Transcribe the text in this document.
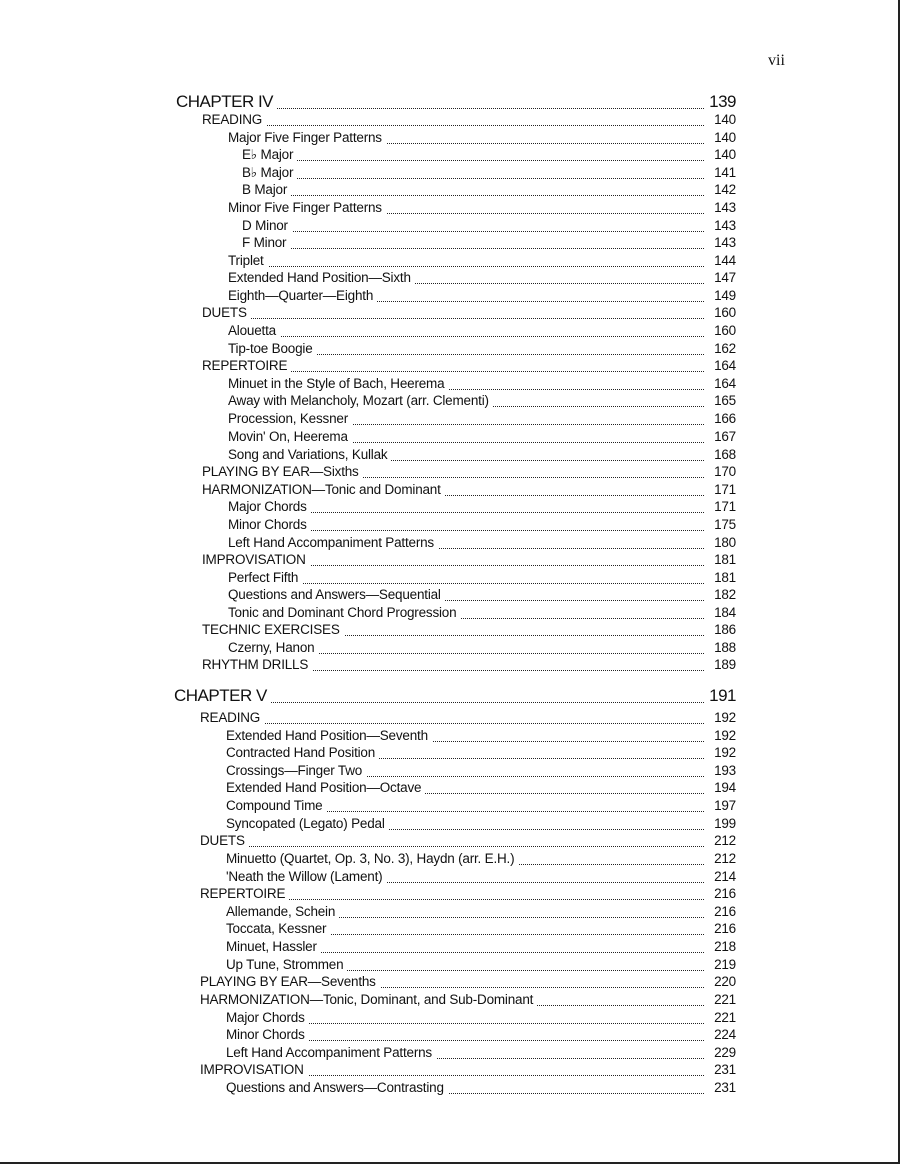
vii
CHAPTER IV	139
READING	140
Major Five Finger Patterns	140
E♭ Major	140
B♭ Major	141
B Major	142
Minor Five Finger Patterns	143
D Minor	143
F Minor	143
Triplet	144
Extended Hand Position—Sixth	147
Eighth—Quarter—Eighth	149
DUETS	160
Alouetta	160
Tip-toe Boogie	162
REPERTOIRE	164
Minuet in the Style of Bach, Heerema	164
Away with Melancholy, Mozart (arr. Clementi)	165
Procession, Kessner	166
Movin' On, Heerema	167
Song and Variations, Kullak	168
PLAYING BY EAR—Sixths	170
HARMONIZATION—Tonic and Dominant	171
Major Chords	171
Minor Chords	175
Left Hand Accompaniment Patterns	180
IMPROVISATION	181
Perfect Fifth	181
Questions and Answers—Sequential	182
Tonic and Dominant Chord Progression	184
TECHNIC EXERCISES	186
Czerny, Hanon	188
RHYTHM DRILLS	189
CHAPTER V	191
READING	192
Extended Hand Position—Seventh	192
Contracted Hand Position	192
Crossings—Finger Two	193
Extended Hand Position—Octave	194
Compound Time	197
Syncopated (Legato) Pedal	199
DUETS	212
Minuetto (Quartet, Op. 3, No. 3), Haydn (arr. E.H.)	212
'Neath the Willow (Lament)	214
REPERTOIRE	216
Allemande, Schein	216
Toccata, Kessner	216
Minuet, Hassler	218
Up Tune, Strommen	219
PLAYING BY EAR—Sevenths	220
HARMONIZATION—Tonic, Dominant, and Sub-Dominant	221
Major Chords	221
Minor Chords	224
Left Hand Accompaniment Patterns	229
IMPROVISATION	231
Questions and Answers—Contrasting	231
